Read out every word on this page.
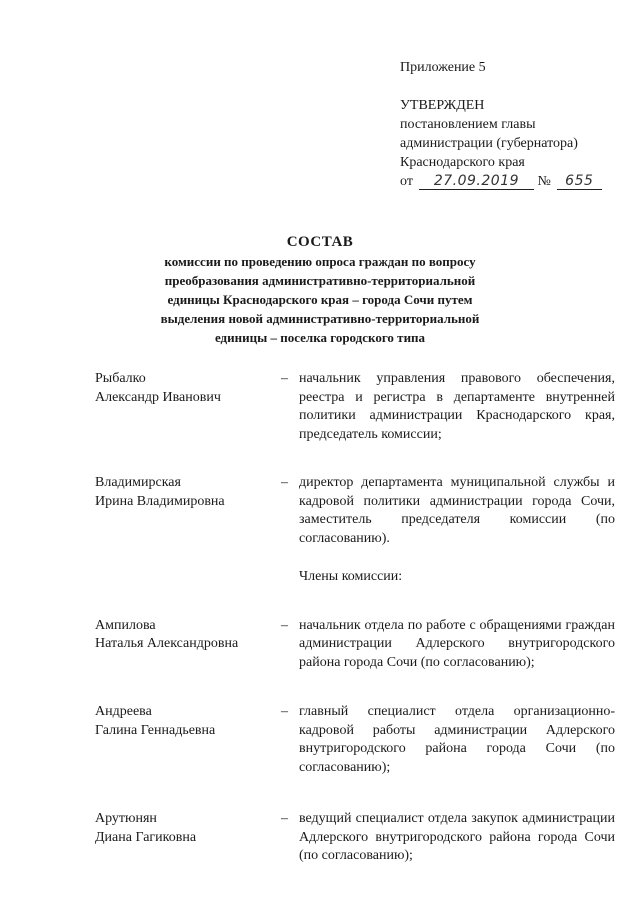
Приложение 5
УТВЕРЖДЕН
постановлением главы
администрации (губернатора)
Краснодарского края
от 27.09.2019 № 655
СОСТАВ
комиссии по проведению опроса граждан по вопросу
преобразования административно-территориальной
единицы Краснодарского края – города Сочи путем
выделения новой административно-территориальной
единицы – поселка городского типа
Рыбалко
Александр Иванович
– начальник управления правового обеспечения, реестра и регистра в департаменте внутренней политики администрации Краснодарского края, председатель комиссии;
Владимирская
Ирина Владимировна
– директор департамента муниципальной службы и кадровой политики администрации города Сочи, заместитель председателя комиссии (по согласованию).
Члены комиссии:
Ампилова
Наталья Александровна
– начальник отдела по работе с обращениями граждан администрации Адлерского внутригородского района города Сочи (по согласованию);
Андреева
Галина Геннадьевна
– главный специалист отдела организационно-кадровой работы администрации Адлерского внутригородского района города Сочи (по согласованию);
Арутюнян
Диана Гагиковна
– ведущий специалист отдела закупок администрации Адлерского внутригородского района города Сочи (по согласованию);
